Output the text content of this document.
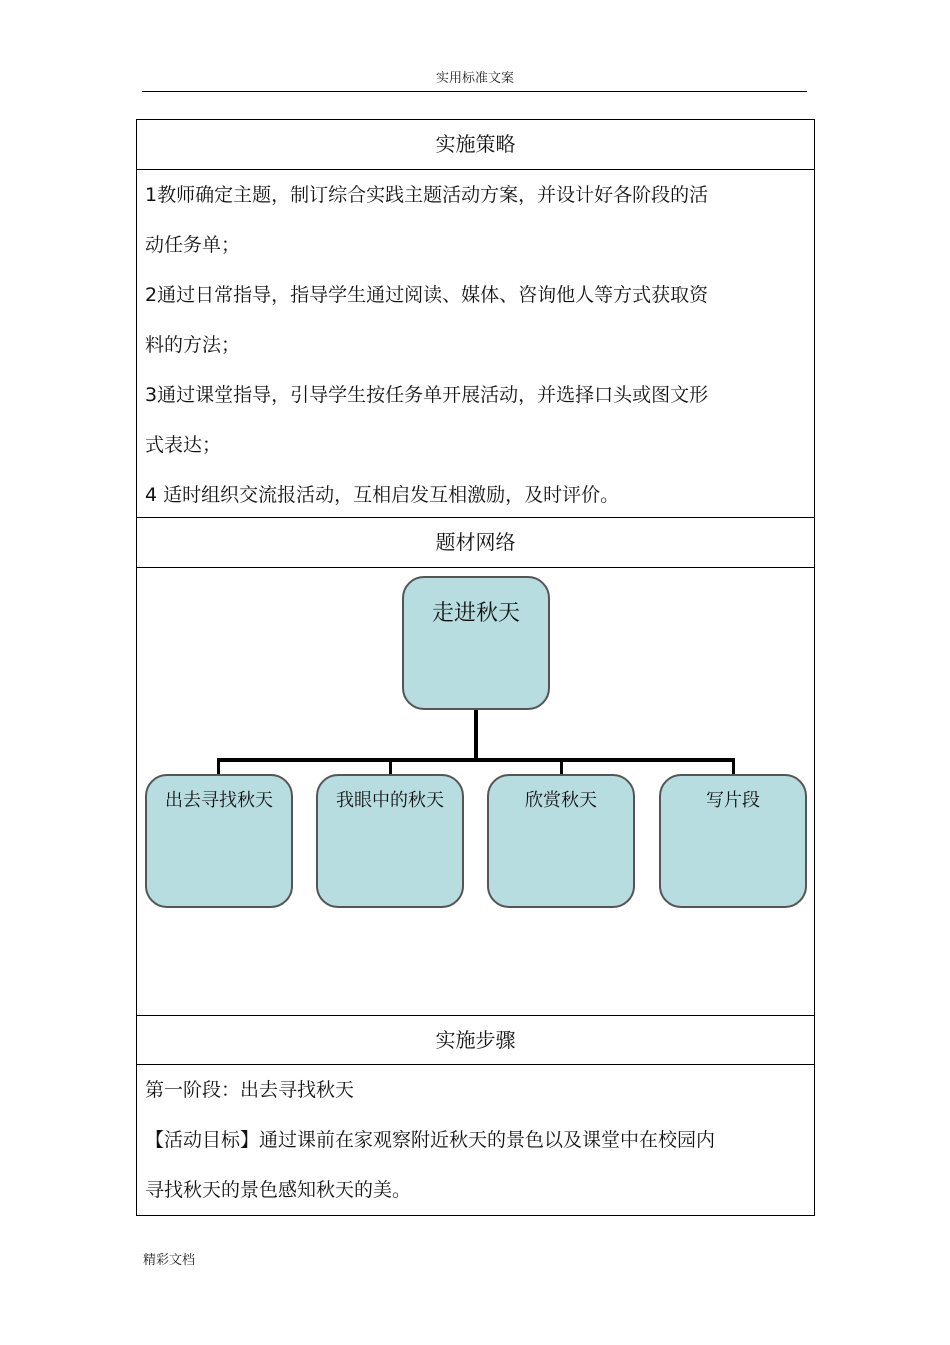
实用标准文案
实施策略

1教师确定主题，制订综合实践主题活动方案，并设计好各阶段的活

动任务单；

2通过日常指导，指导学生通过阅读、媒体、咨询他人等方式获取资

料的方法；

3通过课堂指导，引导学生按任务单开展活动，并选择口头或图文形

式表达；

4 适时组织交流报活动，互相启发互相激励，及时评价。

题材网络
走进秋天
出去寻找秋天	我眼中的秋天	欣赏秋天	写片段
实施步骤

第一阶段：出去寻找秋天

【活动目标】通过课前在家观察附近秋天的景色以及课堂中在校园内

寻找秋天的景色感知秋天的美。

精彩文档
